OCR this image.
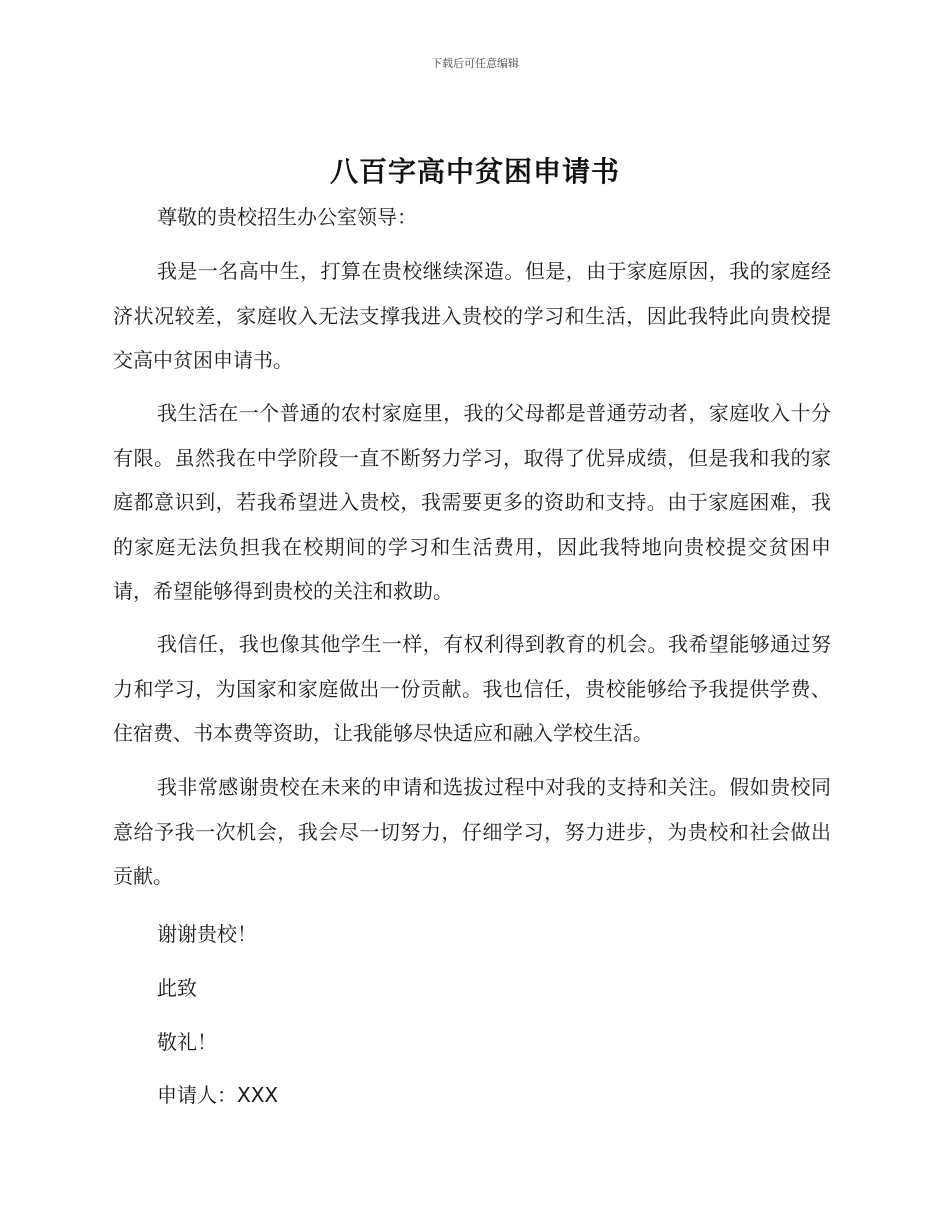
下载后可任意编辑
八百字高中贫困申请书
尊敬的贵校招生办公室领导：
我是一名高中生，打算在贵校继续深造。但是，由于家庭原因，我的家庭经济状况较差，家庭收入无法支撑我进入贵校的学习和生活，因此我特此向贵校提交高中贫困申请书。
我生活在一个普通的农村家庭里，我的父母都是普通劳动者，家庭收入十分有限。虽然我在中学阶段一直不断努力学习，取得了优异成绩，但是我和我的家庭都意识到，若我希望进入贵校，我需要更多的资助和支持。由于家庭困难，我的家庭无法负担我在校期间的学习和生活费用，因此我特地向贵校提交贫困申请，希望能够得到贵校的关注和救助。
我信任，我也像其他学生一样，有权利得到教育的机会。我希望能够通过努力和学习，为国家和家庭做出一份贡献。我也信任，贵校能够给予我提供学费、住宿费、书本费等资助，让我能够尽快适应和融入学校生活。
我非常感谢贵校在未来的申请和选拔过程中对我的支持和关注。假如贵校同意给予我一次机会，我会尽一切努力，仔细学习，努力进步，为贵校和社会做出贡献。
谢谢贵校！
此致
敬礼！
申请人：XXX
